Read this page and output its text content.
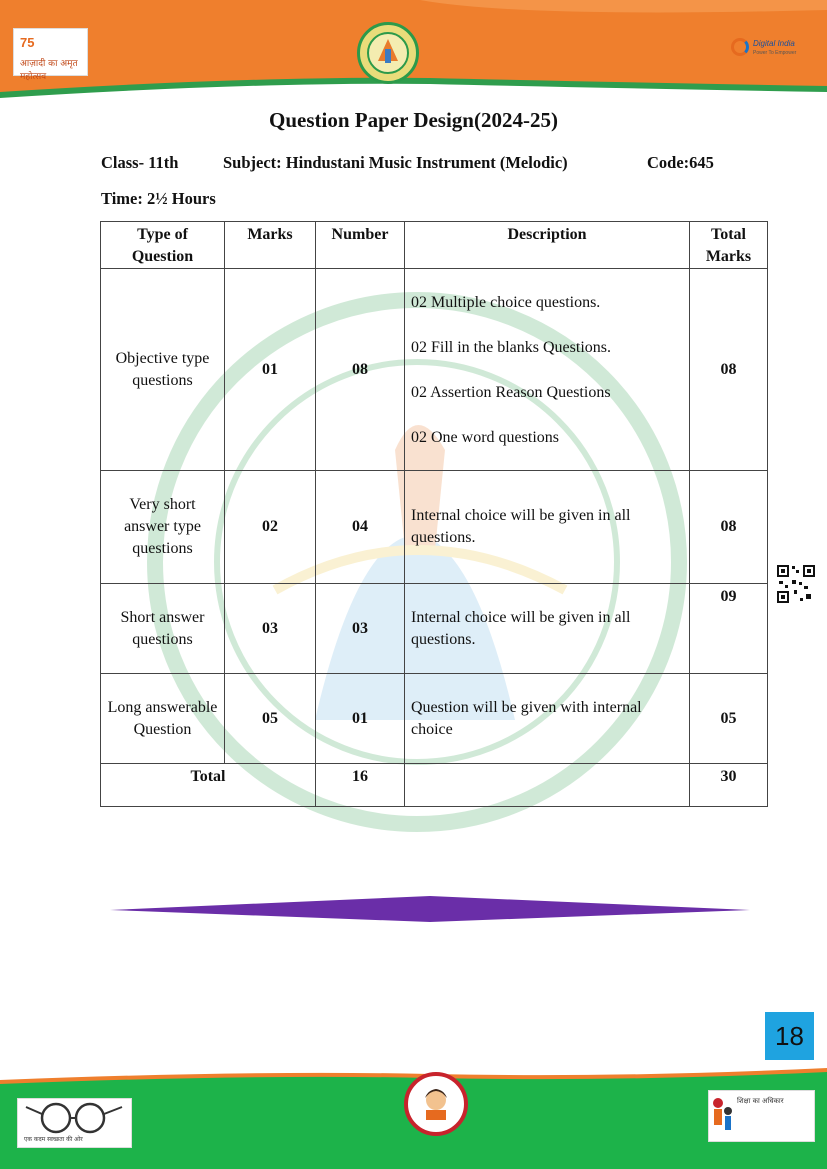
75
आज़ादी का अमृत महोत्सव
Digital India
Power To Empower
Question Paper Design(2024-25)
Class- 11th	Subject: Hindustani Music Instrument (Melodic)	Code:645
Time: 2½ Hours
Type of Question	Marks	Number	Description	Total Marks
Objective type questions	01	08	02 Multiple choice questions.
02 Fill in the blanks Questions.
02 Assertion Reason Questions
02 One word questions	08
Very short answer type questions	02	04	Internal choice will be given in all questions.	08
Short answer questions	03	03	Internal choice will be given in all questions.	09
Long answerable Question	05	01	Question will be given with internal choice	05
Total		16		30
18
एक कदम स्वच्छता की ओर
शिक्षा का अधिकार
